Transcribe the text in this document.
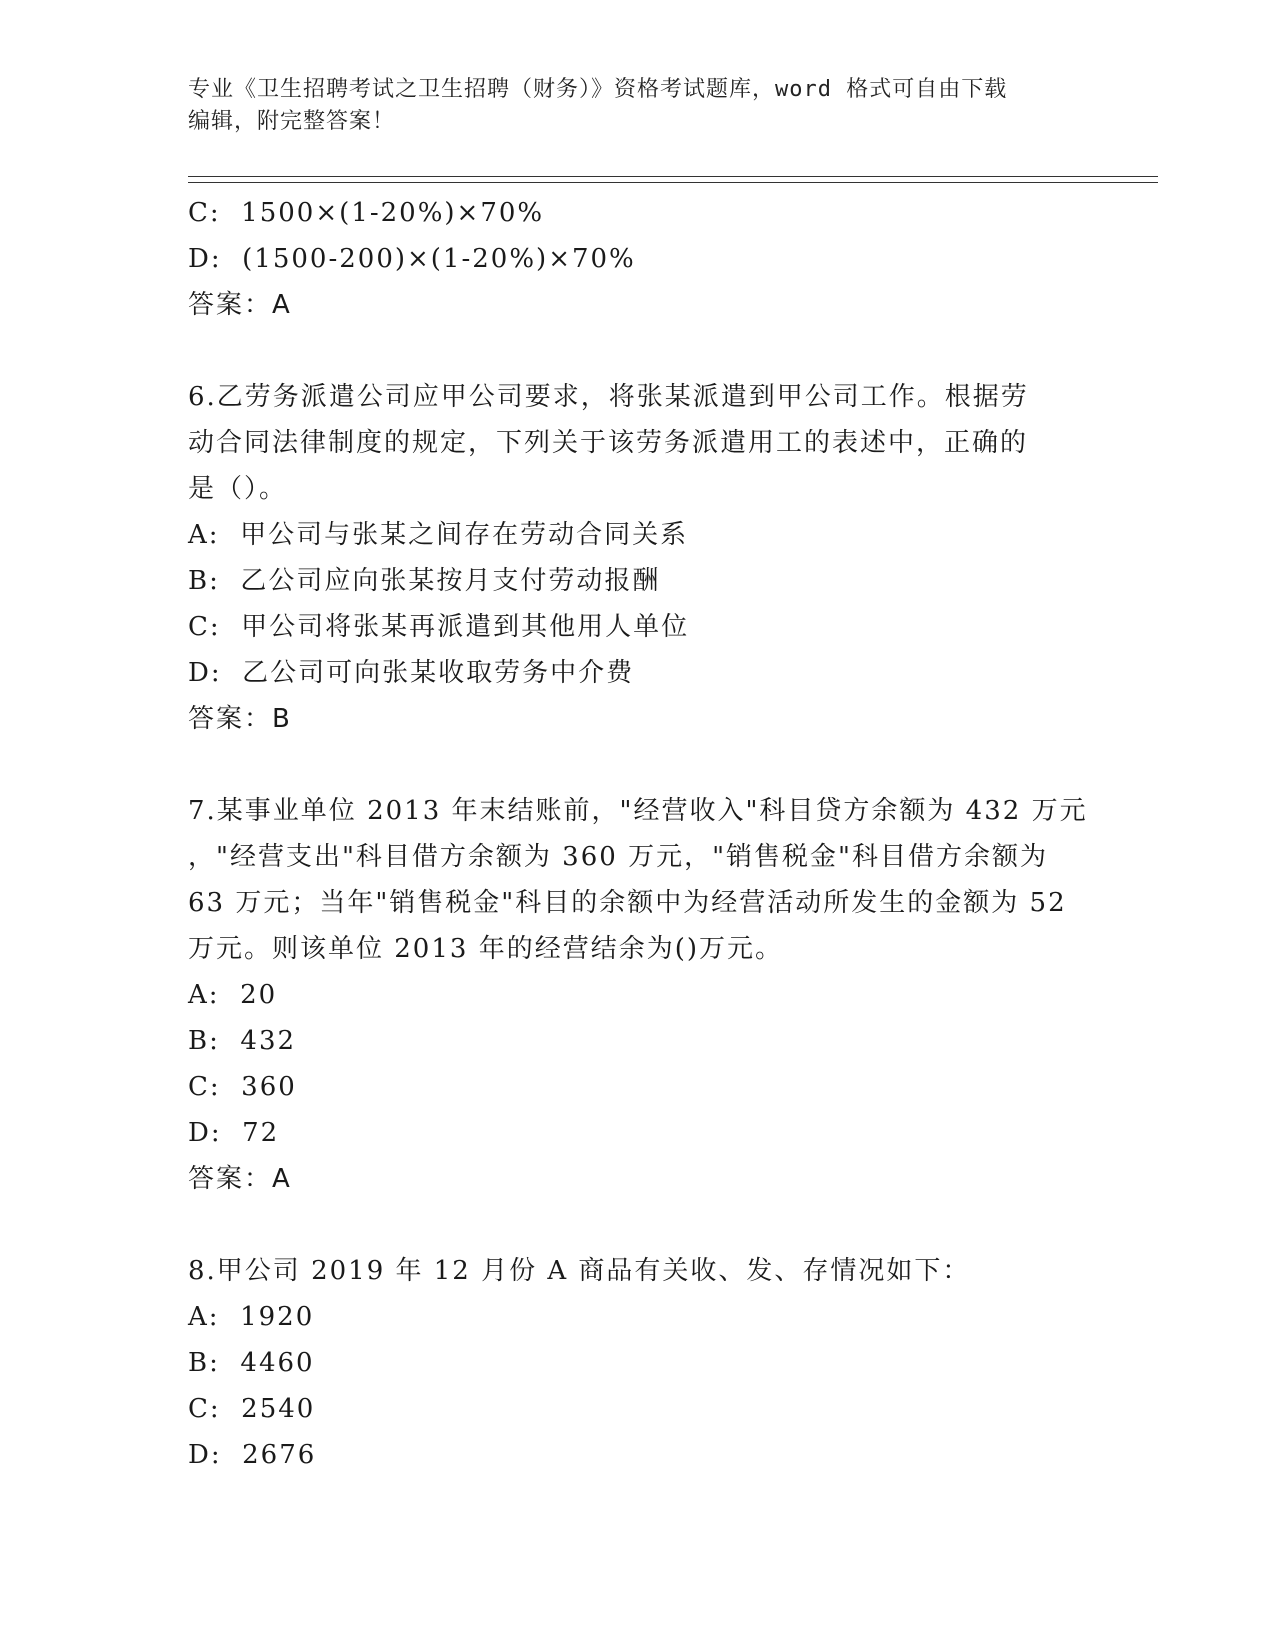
专业《卫生招聘考试之卫生招聘（财务）》资格考试题库，word 格式可自由下载
编辑，附完整答案！
C:  1500×(1-20%)×70%
D:  (1500-200)×(1-20%)×70%
答案：A
6.乙劳务派遣公司应甲公司要求，将张某派遣到甲公司工作。根据劳
动合同法律制度的规定，下列关于该劳务派遣用工的表述中，正确的
是（）。
A:  甲公司与张某之间存在劳动合同关系
B:  乙公司应向张某按月支付劳动报酬
C:  甲公司将张某再派遣到其他用人单位
D:  乙公司可向张某收取劳务中介费
答案：B
7.某事业单位 2013 年末结账前，"经营收入"科目贷方余额为 432 万元
，"经营支出"科目借方余额为 360 万元，"销售税金"科目借方余额为
63 万元；当年"销售税金"科目的余额中为经营活动所发生的金额为 52
万元。则该单位 2013 年的经营结余为()万元。
A:  20
B:  432
C:  360
D:  72
答案：A
8.甲公司 2019 年 12 月份 A 商品有关收、发、存情况如下：
A:  1920
B:  4460
C:  2540
D:  2676
